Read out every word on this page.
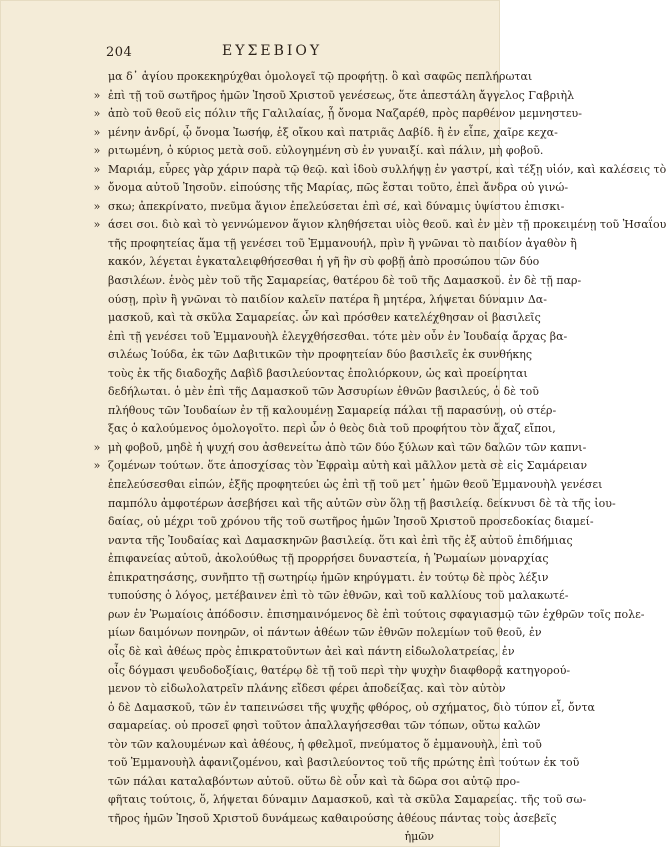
204	ΕΥΣΕΒΙΟΥ
μα δ᾿ ἁγίου προκεκηρύχθαι ὁμολογεῖ τῷ προφήτῃ. ὃ καὶ σαφῶς πεπλήρωται
» ἐπὶ τῇ τοῦ σωτῆρος ἡμῶν Ἰησοῦ Χριστοῦ γενέσεως, ὅτε ἀπεστάλη ἄγγελος Γαβριὴλ
» ἀπὸ τοῦ θεοῦ εἰς πόλιν τῆς Γαλιλαίας, ᾗ ὄνομα Ναζαρέθ, πρὸς παρθένον μεμνηστευ-
» μένην ἀνδρί, ᾧ ὄνομα Ἰωσήφ, ἐξ οἴκου καὶ πατριᾶς Δαβίδ. ἣ ἐν εἶπε, χαῖρε κεχα-
» ριτωμένη, ὁ κύριος μετὰ σοῦ. εὐλογημένη σὺ ἐν γυναιξί. καὶ πάλιν, μὴ φοβοῦ.
» Μαριάμ, εὗρες γὰρ χάριν παρὰ τῷ θεῷ. καὶ ἰδοὺ συλλήψῃ ἐν γαστρί, καὶ τέξῃ υἱόν, καὶ καλέσεις τὸ
» ὄνομα αὐτοῦ Ἰησοῦν. εἰπούσης τῆς Μαρίας, πῶς ἔσται τοῦτο, ἐπεὶ ἄνδρα οὐ γινώ-
» σκω; ἀπεκρίνατο, πνεῦμα ἅγιον ἐπελεύσεται ἐπὶ σέ, καὶ δύναμις ὑψίστου ἐπισκι-
» άσει σοι. διὸ καὶ τὸ γεννώμενον ἅγιον κληθήσεται υἱὸς θεοῦ. καὶ ἐν μὲν τῇ προκειμένῃ τοῦ Ἠσαΐου
τῆς προφητείας ἅμα τῇ γενέσει τοῦ Ἐμμανουήλ, πρὶν ἢ γνῶναι τὸ παιδίον ἀγαθὸν ἢ
κακόν, λέγεται ἐγκαταλειφθήσεσθαι ἡ γῆ ἣν σὺ φοβῇ ἀπὸ προσώπου τῶν δύο
βασιλέων. ἑνὸς μὲν τοῦ τῆς Σαμαρείας, θατέρου δὲ τοῦ τῆς Δαμασκοῦ. ἐν δὲ τῇ παρ-
ούσῃ, πρὶν ἢ γνῶναι τὸ παιδίον καλεῖν πατέρα ἢ μητέρα, λήψεται δύναμιν Δα-
μασκοῦ, καὶ τὰ σκῦλα Σαμαρείας. ὧν καὶ πρόσθεν κατελέχθησαν οἱ βασιλεῖς
ἐπὶ τῇ γενέσει τοῦ Ἐμμανουὴλ ἐλεγχθήσεσθαι. τότε μὲν οὖν ἐν Ἰουδαίᾳ ἄρχας βα-
σιλέως Ἰούδα, ἐκ τῶν Δαβιτικῶν τὴν προφητείαν δύο βασιλεῖς ἐκ συνθήκης
τοὺς ἐκ τῆς διαδοχῆς Δαβὶδ βασιλεύοντας ἐπολιόρκουν, ὡς καὶ προείρηται
δεδήλωται. ὁ μὲν ἐπὶ τῆς Δαμασκοῦ τῶν Ἀσσυρίων ἐθνῶν βασιλεύς, ὁ δὲ τοῦ
πλήθους τῶν Ἰουδαίων ἐν τῇ καλουμένῃ Σαμαρείᾳ πάλαι τῇ παρασύνῃ, οὐ στέρ-
ξας ὁ καλούμενος ὁμολογοῖτο. περὶ ὧν ὁ θεὸς διὰ τοῦ προφήτου τὸν ἄχαζ εἴποι,
» μὴ φοβοῦ, μηδὲ ἡ ψυχή σου ἀσθενείτω ἀπὸ τῶν δύο ξύλων καὶ τῶν δαλῶν τῶν καπνι-
» ζομένων τούτων. ὅτε ἀποσχίσας τὸν Ἐφραὶμ αὐτὴ καὶ μᾶλλον μετὰ σὲ εἰς Σαμάρειαν
ἐπελεύσεσθαι εἰπών, ἐξῆς προφητεύει ὡς ἐπὶ τῇ τοῦ μετ᾿ ἡμῶν θεοῦ Ἐμμανουὴλ γενέσει
παμπόλυ ἀμφοτέρων ἀσεβήσει καὶ τῆς αὐτῶν σὺν ὅλῃ τῇ βασιλείᾳ. δείκνυσι δὲ τὰ τῆς ἰου-
δαίας, οὐ μέχρι τοῦ χρόνου τῆς τοῦ σωτῆρος ἡμῶν Ἰησοῦ Χριστοῦ προσεδοκίας διαμεί-
ναντα τῆς Ἰουδαίας καὶ Δαμασκηνῶν βασιλείᾳ. ὅτι καὶ ἐπὶ τῆς ἐξ αὐτοῦ ἐπιδήμιας
ἐπιφανείας αὐτοῦ, ἀκολούθως τῇ προρρήσει δυναστεία, ἡ Ῥωμαίων μοναρχίας
ἐπικρατησάσης, συνῆπτο τῇ σωτηρίῳ ἡμῶν κηρύγματι. ἐν τούτῳ δὲ πρὸς λέξιν
τυπούσης ὁ λόγος, μετέβαινεν ἐπὶ τὸ τῶν ἐθνῶν, καὶ τοῦ καλλίους τοῦ μαλακωτέ-
ρων ἐν Ῥωμαίοις ἀπόδοσιν. ἐπισημαινόμενος δὲ ἐπὶ τούτοις σφαγιασμῷ τῶν ἐχθρῶν τοῖς πολε-
μίων δαιμόνων πονηρῶν, οἱ πάντων ἀθέων τῶν ἐθνῶν πολεμίων τοῦ θεοῦ, ἐν
οἷς δὲ καὶ ἀθέως πρὸς ἐπικρατοῦντων ἀεὶ καὶ πάντη εἰδωλολατρείας, ἐν
οἷς δόγμασι ψευδοδοξίαις, θατέρῳ δὲ τῇ τοῦ περὶ τὴν ψυχὴν διαφθορᾷ κατηγορού-
μενον τὸ εἰδωλολατρεῖν πλάνης εἴδεσι φέρει ἀποδείξας. καὶ τὸν αὐτὸν
ὁ δὲ Δαμασκοῦ, τῶν ἐν ταπεινώσει τῆς ψυχῆς φθόρος, οὐ σχήματος, διὸ τύπον εἶ, ὄντα
σαμαρείας. οὐ προσεῖ φησὶ τοῦτον ἀπαλλαγήσεσθαι τῶν τόπων, οὕτω καλῶν
τὸν τῶν καλουμένων καὶ ἀθέους, ἡ φθελμοῖ, πνεύματος ὅ ἐμμανουὴλ, ἐπὶ τοῦ
τοῦ Ἐμμανουὴλ ἀφανιζομένου, καὶ βασιλεύοντος τοῦ τῆς πρώτης ἐπὶ τούτων ἐκ τοῦ
τῶν πάλαι καταλαβόντων αὐτοῦ. οὕτω δὲ οὖν καὶ τὰ δῶρα σοι αὐτῷ προ-
φῆταις τούτοις, ὅ, λήψεται δύναμιν Δαμασκοῦ, καὶ τὰ σκῦλα Σαμαρείας. τῆς τοῦ σω-
τῆρος ἡμῶν Ἰησοῦ Χριστοῦ δυνάμεως καθαιρούσης ἀθέους πάντας τοὺς ἀσεβεῖς
ἡμῶν
